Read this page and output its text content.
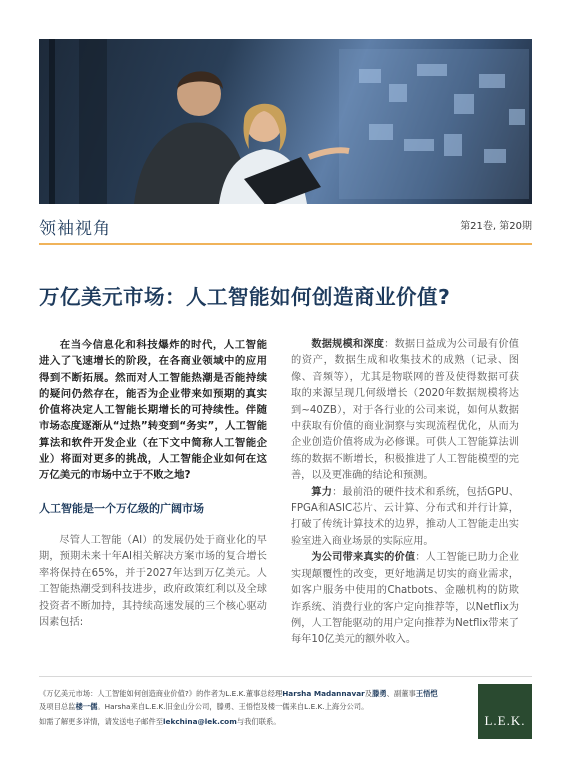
领袖视角	第21卷, 第20期
万亿美元市场：人工智能如何创造商业价值?

在当今信息化和科技爆炸的时代，人工智能进入了飞速增长的阶段，在各商业领域中的应用得到不断拓展。然而对人工智能热潮是否能持续的疑问仍然存在，能否为企业带来如预期的真实价值将决定人工智能长期增长的可持续性。伴随市场态度逐渐从“过热”转变到“务实”，人工智能算法和软件开发企业（在下文中简称人工智能企业）将面对更多的挑战，人工智能企业如何在这万亿美元的市场中立于不败之地?

人工智能是一个万亿级的广阔市场

尽管人工智能（AI）的发展仍处于商业化的早期，预期未来十年AI相关解决方案市场的复合增长率将保持在65%，并于2027年达到万亿美元。人工智能热潮受到科技进步，政府政策红利以及全球投资者不断加持，其持续高速发展的三个核心驱动因素包括:

数据规模和深度：数据日益成为公司最有价值的资产，数据生成和收集技术的成熟（记录、图像、音频等），尤其是物联网的普及使得数据可获取的来源呈现几何级增长（2020年数据规模将达到~40ZB），对于各行业的公司来说，如何从数据中获取有价值的商业洞察与实现流程优化，从而为企业创造价值将成为必修课。可供人工智能算法训练的数据不断增长，积极推进了人工智能模型的完善，以及更准确的结论和预测。

算力：最前沿的硬件技术和系统，包括GPU、FPGA和ASIC芯片、云计算、分布式和并行计算，打破了传统计算技术的边界，推动人工智能走出实验室进入商业场景的实际应用。

为公司带来真实的价值：人工智能已助力企业实现颠覆性的改变，更好地满足切实的商业需求，如客户服务中使用的Chatbots、金融机构的防欺诈系统、消费行业的客户定向推荐等，以Netflix为例，人工智能驱动的用户定向推荐为Netflix带来了每年10亿美元的额外收入。

《万亿美元市场：人工智能如何创造商业价值?》的作者为L.E.K.董事总经理Harsha Madannavar及滕勇、副董事王悟恺及项目总监楼一儒。Harsha来自L.E.K.旧金山分公司，滕勇、王悟恺及楼一儒来自L.E.K.上海分公司。

如需了解更多详情，请发送电子邮件至lekchina@lek.com与我们联系。	L.E.K.
